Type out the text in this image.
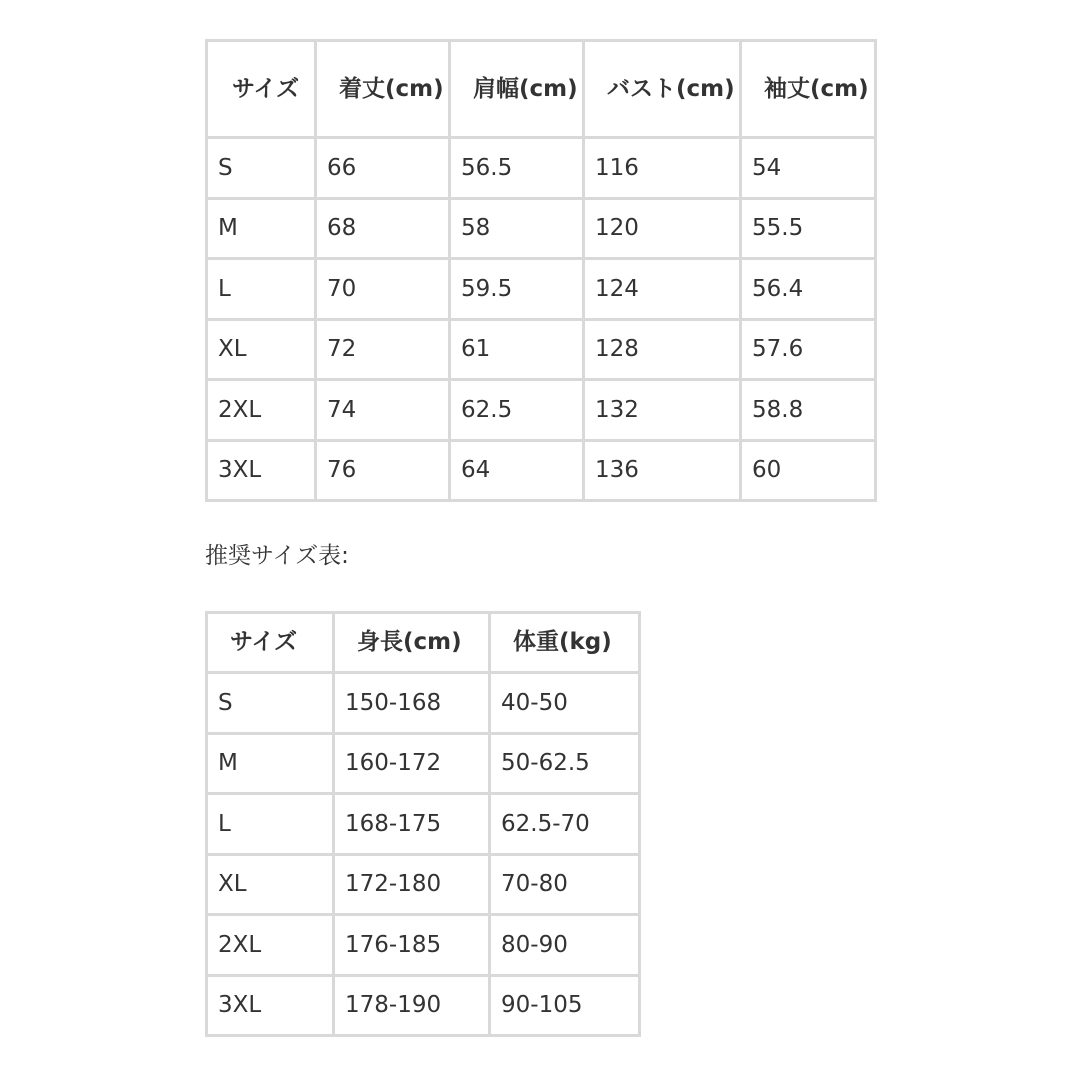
サイズ	着丈(cm)	肩幅(cm)	バスト(cm)	袖丈(cm)
S	66	56.5	116	54
M	68	58	120	55.5
L	70	59.5	124	56.4
XL	72	61	128	57.6
2XL	74	62.5	132	58.8
3XL	76	64	136	60
推奨サイズ表:
サイズ	身長(cm)	体重(kg)
S	150-168	40-50
M	160-172	50-62.5
L	168-175	62.5-70
XL	172-180	70-80
2XL	176-185	80-90
3XL	178-190	90-105
